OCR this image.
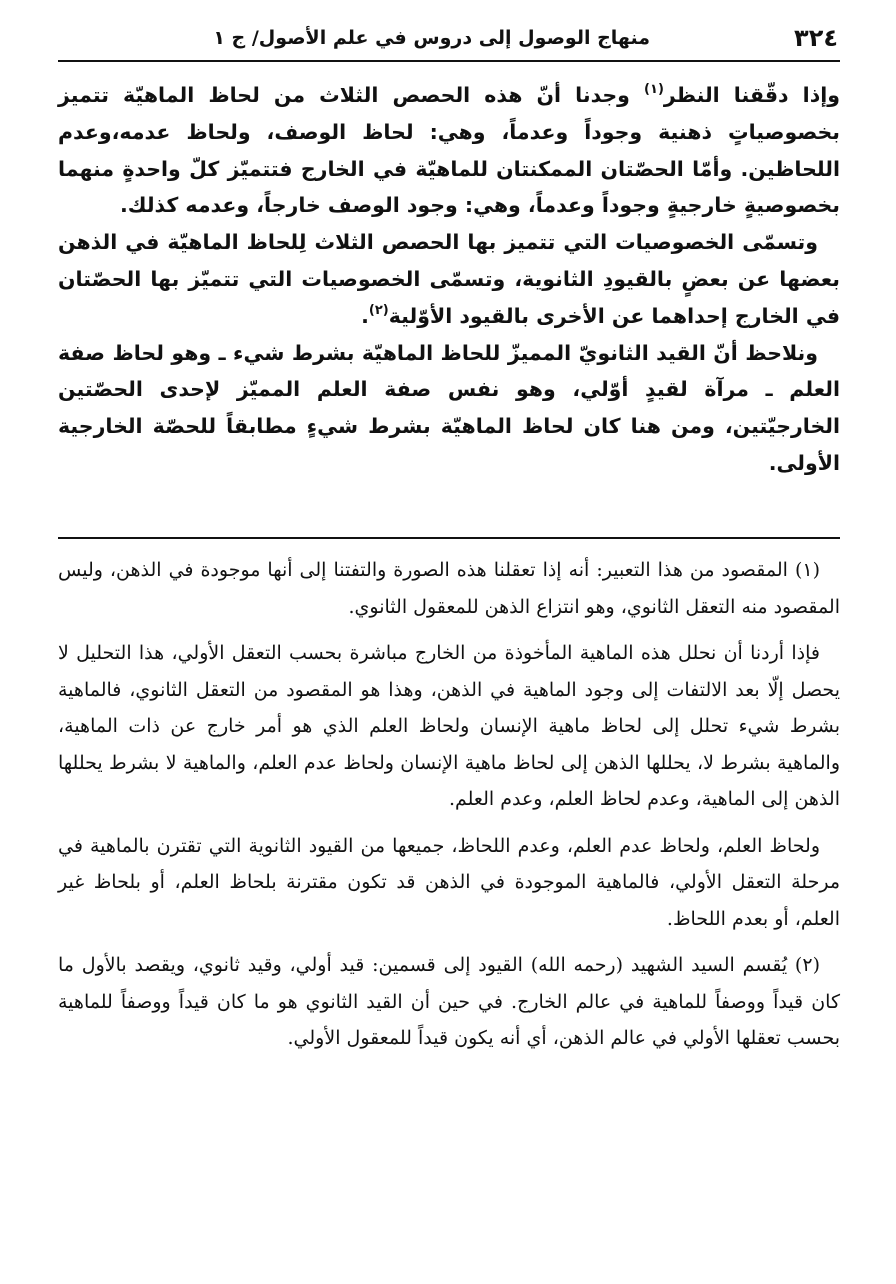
٣٢٤
منهاج الوصول إلى دروس في علم الأصول/ ج ١

وإذا دقّقنا النظر$^{(١)}$ وجدنا أنّ هذه الحصص الثلاث من لحاظ الماهيّة تتميز بخصوصياتٍ ذهنية وجوداً وعدماً، وهي: لحاظ الوصف، ولحاظ عدمه،وعدم اللحاظين. وأمّا الحصّتان الممكنتان للماهيّة في الخارج فتتميّز كلّ واحدةٍ منهما بخصوصيةٍ خارجيةٍ وجوداً وعدماً، وهي: وجود الوصف خارجاً، وعدمه كذلك.

وتسمّى الخصوصيات التي تتميز بها الحصص الثلاث لِلحاظ الماهيّة في الذهن بعضها عن بعضٍ بالقيودِ الثانوية، وتسمّى الخصوصيات التي تتميّز بها الحصّتان في الخارج إحداهما عن الأخرى بالقيود الأوّلية$^{(٢)}$.

ونلاحظ أنّ القيد الثانويّ المميزّ للحاظ الماهيّة بشرط شيء ـ وهو لحاظ صفة العلم ـ مرآة لقيدٍ أوّلي، وهو نفس صفة العلم المميّز لإحدى الحصّتين الخارجيّتين، ومن هنا كان لحاظ الماهيّة بشرط شيءٍ مطابقاً للحصّة الخارجية الأولى.

(١) المقصود من هذا التعبير: أنه إذا تعقلنا هذه الصورة والتفتنا إلى أنها موجودة في الذهن، وليس المقصود منه التعقل الثانوي، وهو انتزاع الذهن للمعقول الثانوي.

فإذا أردنا أن نحلل هذه الماهية المأخوذة من الخارج مباشرة بحسب التعقل الأولي، هذا التحليل لا يحصل إلّا بعد الالتفات إلى وجود الماهية في الذهن، وهذا هو المقصود من التعقل الثانوي، فالماهية بشرط شيء تحلل إلى لحاظ ماهية الإنسان ولحاظ العلم الذي هو أمر خارج عن ذات الماهية، والماهية بشرط لا، يحللها الذهن إلى لحاظ ماهية الإنسان ولحاظ عدم العلم، والماهية لا بشرط يحللها الذهن إلى الماهية، وعدم لحاظ العلم، وعدم العلم.

ولحاظ العلم، ولحاظ عدم العلم، وعدم اللحاظ، جميعها من القيود الثانوية التي تقترن بالماهية في مرحلة التعقل الأولي، فالماهية الموجودة في الذهن قد تكون مقترنة بلحاظ العلم، أو بلحاظ غير العلم، أو بعدم اللحاظ.

(٢) يُقسم السيد الشهيد (رحمه الله) القيود إلى قسمين: قيد أولي، وقيد ثانوي، ويقصد بالأول ما كان قيداً ووصفاً للماهية في عالم الخارج. في حين أن القيد الثانوي هو ما كان قيداً ووصفاً للماهية بحسب تعقلها الأولي في عالم الذهن، أي أنه يكون قيداً للمعقول الأولي.
